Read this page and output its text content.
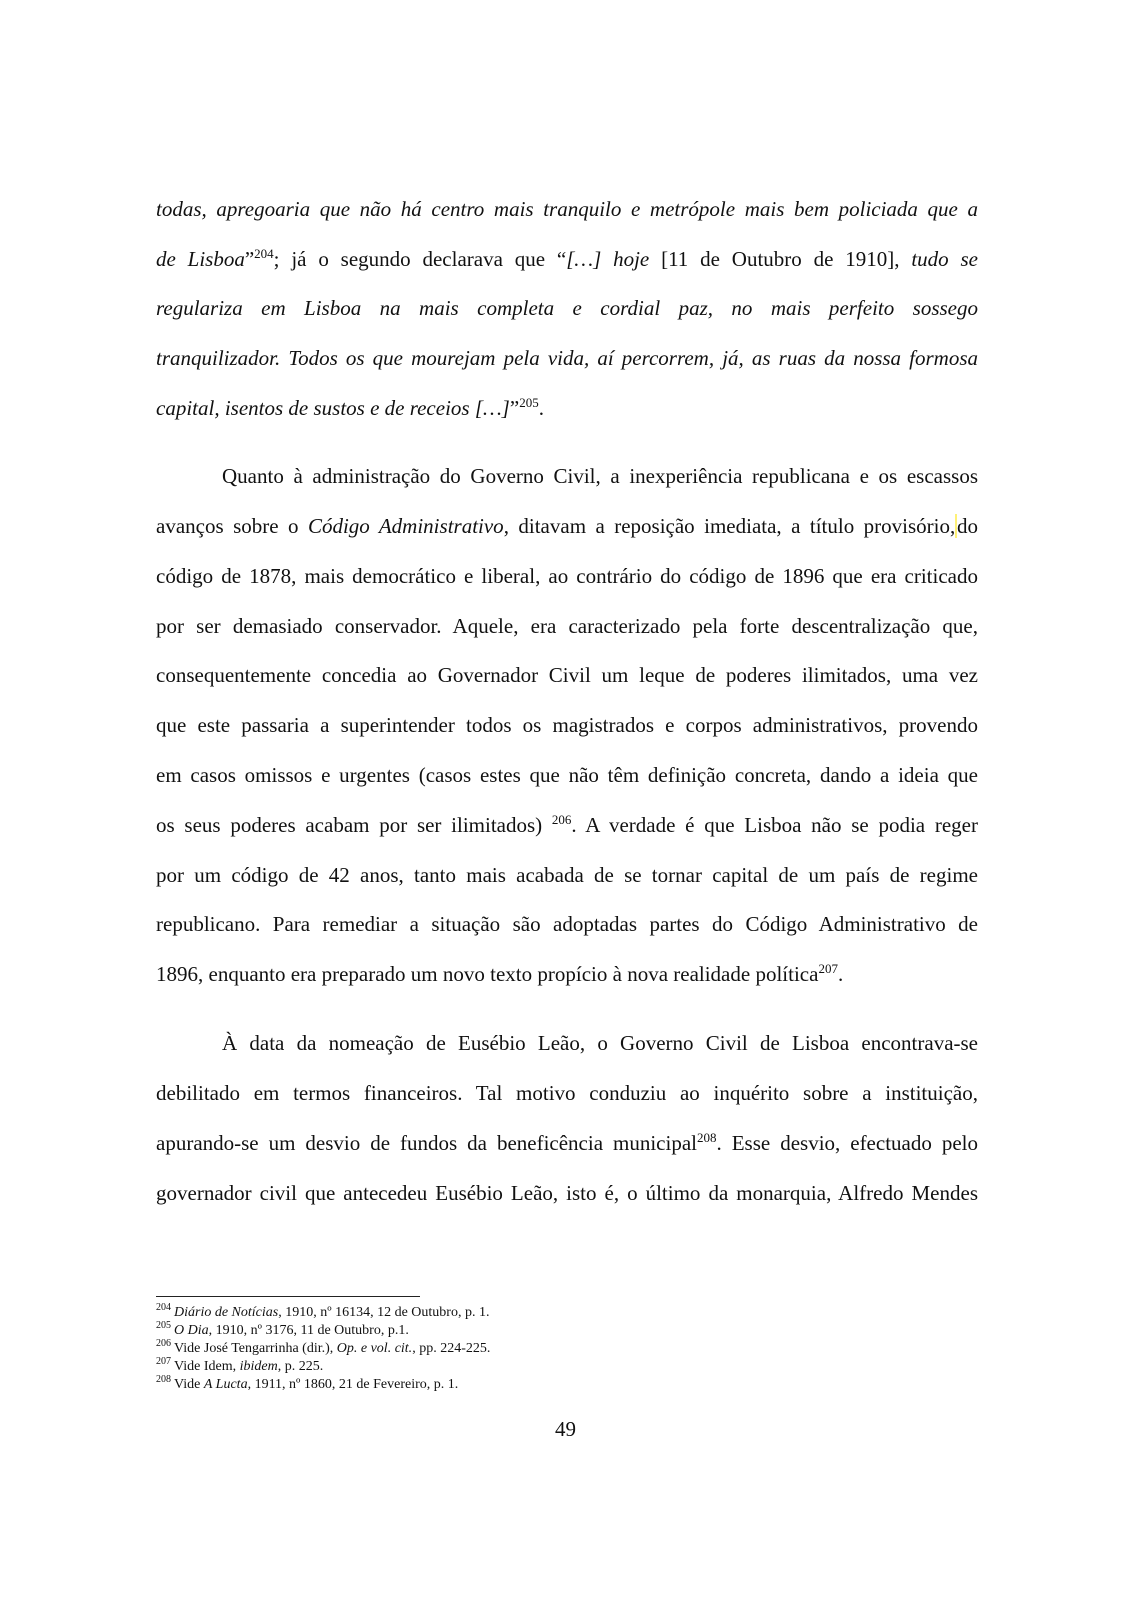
todas, apregoaria que não há centro mais tranquilo e metrópole mais bem policiada que a
de Lisboa”$^{204}$; já o segundo declarava que “[…] hoje [11 de Outubro de 1910], tudo se
regulariza em Lisboa na mais completa e cordial paz, no mais perfeito sossego
tranquilizador. Todos os que mourejam pela vida, aí percorrem, já, as ruas da nossa formosa
capital, isentos de sustos e de receios […]”$^{205}$.
Quanto à administração do Governo Civil, a inexperiência republicana e os escassos
avanços sobre o Código Administrativo, ditavam a reposição imediata, a título provisório, do
código de 1878, mais democrático e liberal, ao contrário do código de 1896 que era criticado
por ser demasiado conservador. Aquele, era caracterizado pela forte descentralização que,
consequentemente concedia ao Governador Civil um leque de poderes ilimitados, uma vez
que este passaria a superintender todos os magistrados e corpos administrativos, provendo
em casos omissos e urgentes (casos estes que não têm definição concreta, dando a ideia que
os seus poderes acabam por ser ilimitados) $^{206}$. A verdade é que Lisboa não se podia reger
por um código de 42 anos, tanto mais acabada de se tornar capital de um país de regime
republicano. Para remediar a situação são adoptadas partes do Código Administrativo de
1896, enquanto era preparado um novo texto propício à nova realidade política$^{207}$.
À data da nomeação de Eusébio Leão, o Governo Civil de Lisboa encontrava-se
debilitado em termos financeiros. Tal motivo conduziu ao inquérito sobre a instituição,
apurando-se um desvio de fundos da beneficência municipal$^{208}$. Esse desvio, efectuado pelo
governador civil que antecedeu Eusébio Leão, isto é, o último da monarquia, Alfredo Mendes
$^{204}$ Diário de Notícias, 1910, nº 16134, 12 de Outubro, p. 1.
$^{205}$ O Dia, 1910, nº 3176, 11 de Outubro, p.1.
$^{206}$ Vide José Tengarrinha (dir.), Op. e vol. cit., pp. 224-225.
$^{207}$ Vide Idem, ibidem, p. 225.
$^{208}$ Vide A Lucta, 1911, nº 1860, 21 de Fevereiro, p. 1.
49
